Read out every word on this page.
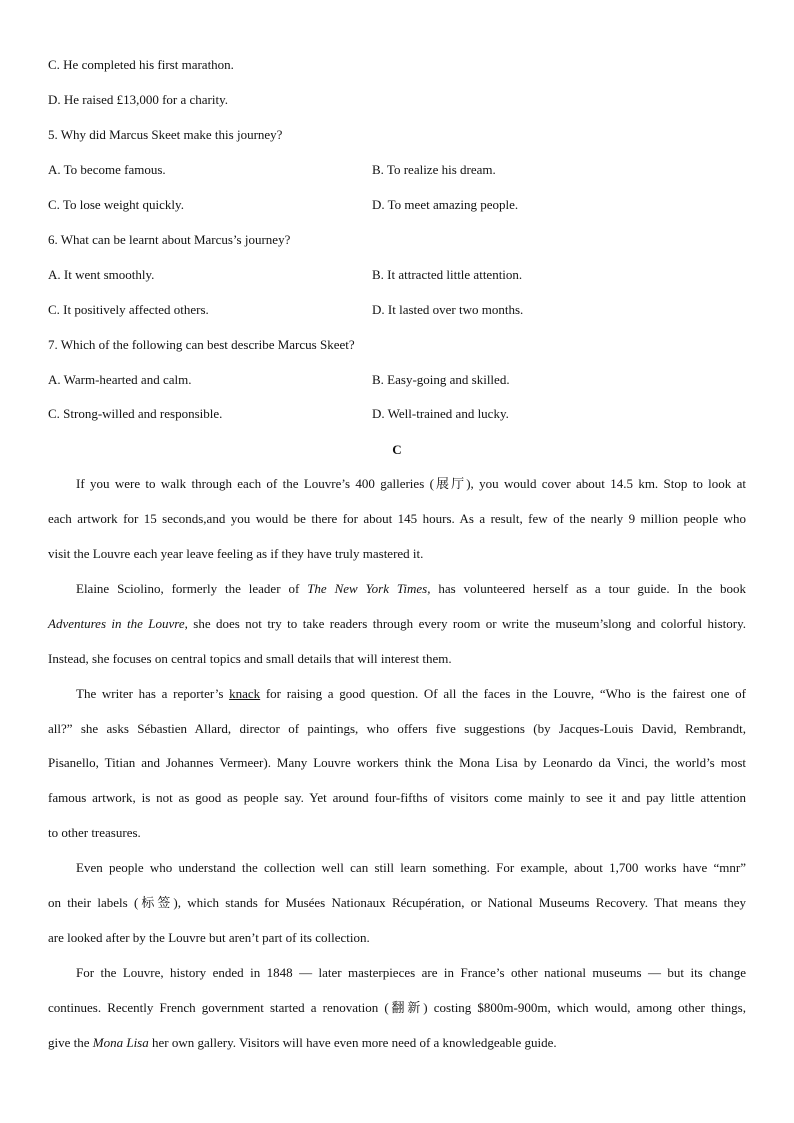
C. He completed his first marathon.
D. He raised £13,000 for a charity.
5. Why did Marcus Skeet make this journey?
A. To become famous.	B. To realize his dream.
C. To lose weight quickly.	D. To meet amazing people.
6. What can be learnt about Marcus’s journey?
A. It went smoothly.	B. It attracted little attention.
C. It positively affected others.	D. It lasted over two months.
7. Which of the following can best describe Marcus Skeet?
A. Warm-hearted and calm.	B. Easy-going and skilled.
C. Strong-willed and responsible.	D. Well-trained and lucky.
C
If you were to walk through each of the Louvre’s 400 galleries (展厅), you would cover about 14.5 km. Stop to look at
each artwork for 15 seconds,and you would be there for about 145 hours. As a result, few of the nearly 9 million people who
visit the Louvre each year leave feeling as if they have truly mastered it.
Elaine Sciolino, formerly the leader of The New York Times, has volunteered herself as a tour guide. In the book
Adventures in the Louvre, she does not try to take readers through every room or write the museum’slong and colorful history.
Instead, she focuses on central topics and small details that will interest them.
The writer has a reporter’s knack for raising a good question. Of all the faces in the Louvre, “Who is the fairest one of
all?” she asks Sébastien Allard, director of paintings, who offers five suggestions (by Jacques-Louis David, Rembrandt,
Pisanello, Titian and Johannes Vermeer). Many Louvre workers think the Mona Lisa by Leonardo da Vinci, the world’s most
famous artwork, is not as good as people say. Yet around four-fifths of visitors come mainly to see it and pay little attention
to other treasures.
Even people who understand the collection well can still learn something. For example, about 1,700 works have “mnr”
on their labels (标签), which stands for Musées Nationaux Récupération, or National Museums Recovery. That means they
are looked after by the Louvre but aren’t part of its collection.
For the Louvre, history ended in 1848 — later masterpieces are in France’s other national museums — but its change
continues. Recently French government started a renovation (翻新) costing $800m-900m, which would, among other things,
give the Mona Lisa her own gallery. Visitors will have even more need of a knowledgeable guide.
